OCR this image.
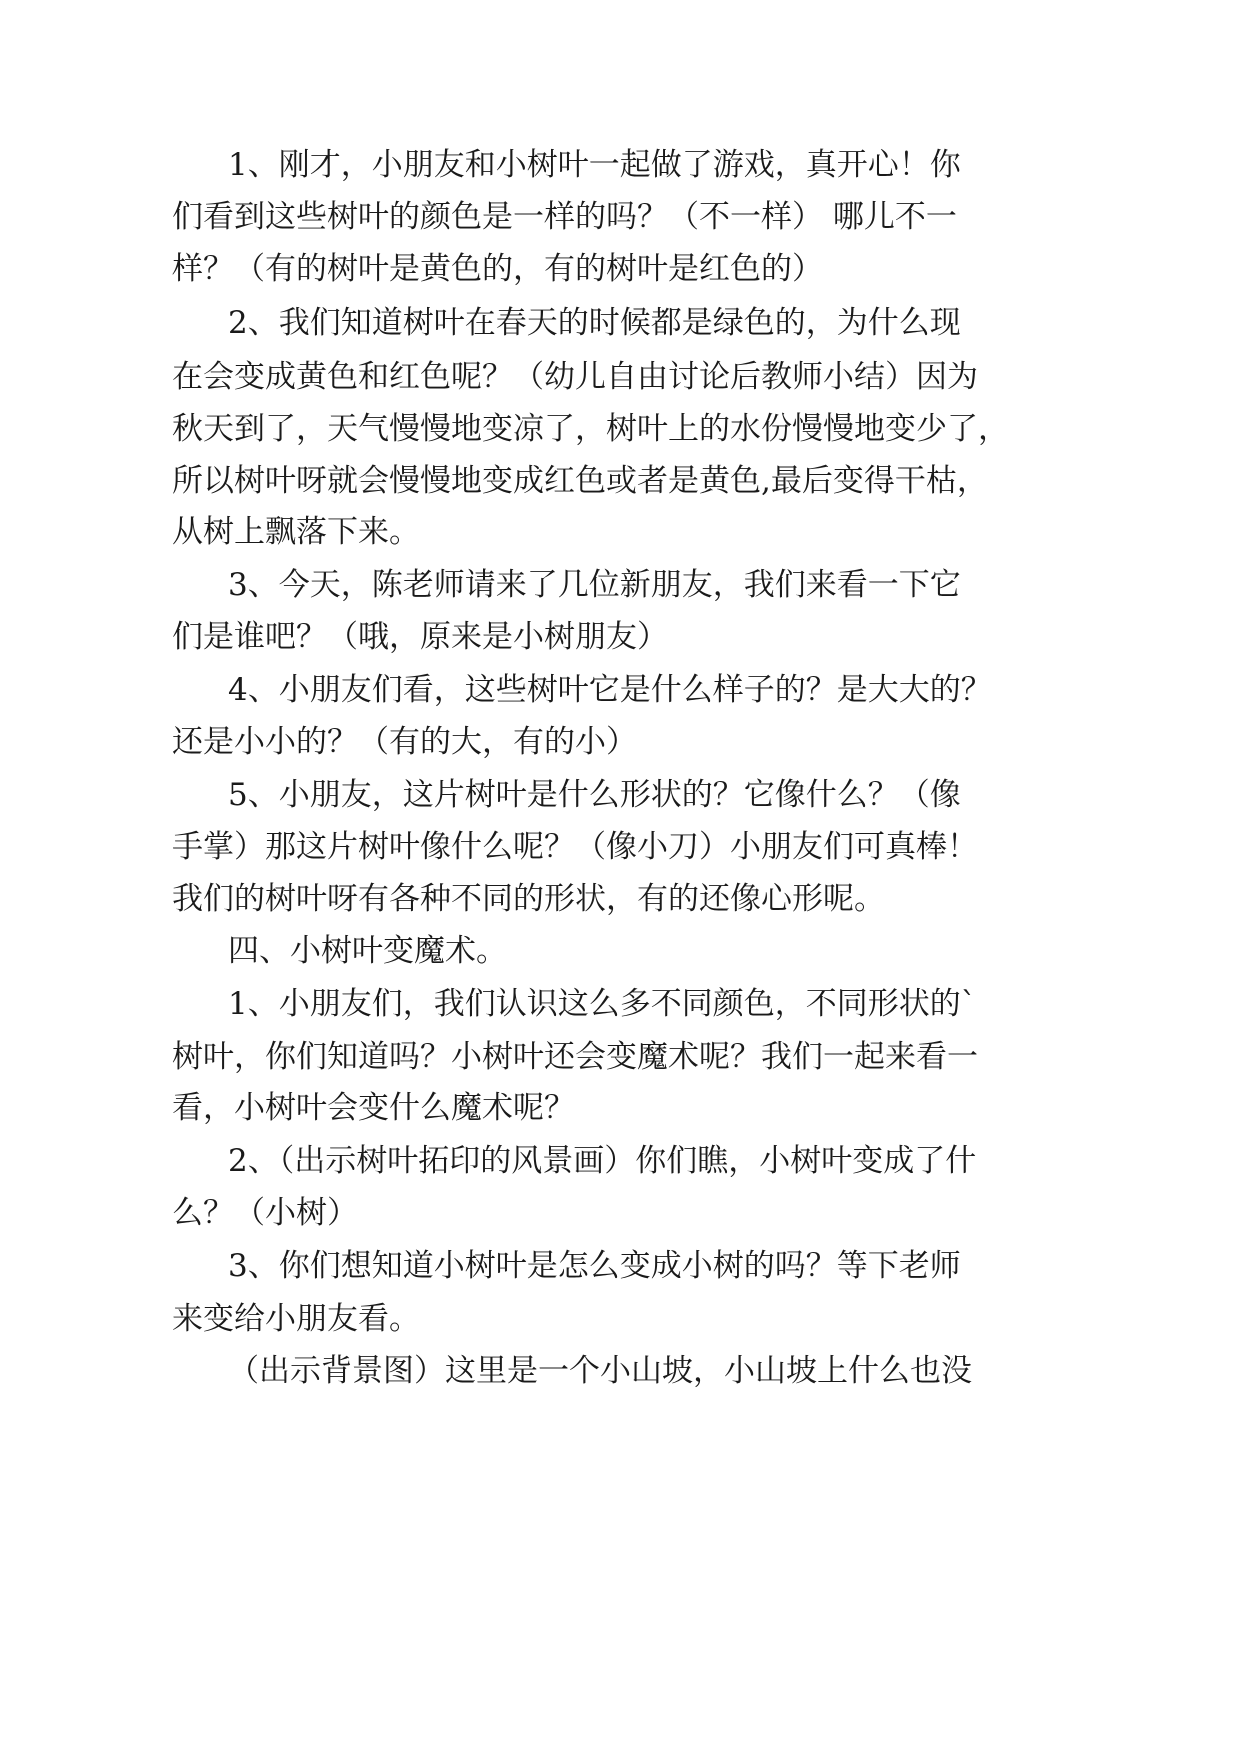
1、刚才，小朋友和小树叶一起做了游戏，真开心！你
们看到这些树叶的颜色是一样的吗？（不一样） 哪儿不一
样？（有的树叶是黄色的，有的树叶是红色的）
2、我们知道树叶在春天的时候都是绿色的，为什么现
在会变成黄色和红色呢？（幼儿自由讨论后教师小结）因为
秋天到了，天气慢慢地变凉了，树叶上的水份慢慢地变少了，
所以树叶呀就会慢慢地变成红色或者是黄色,最后变得干枯，
从树上飘落下来。
3、今天，陈老师请来了几位新朋友，我们来看一下它
们是谁吧？（哦，原来是小树朋友）
4、小朋友们看，这些树叶它是什么样子的？是大大的？
还是小小的？（有的大，有的小）
5、小朋友，这片树叶是什么形状的？它像什么？（像
手掌）那这片树叶像什么呢？（像小刀）小朋友们可真棒！
我们的树叶呀有各种不同的形状，有的还像心形呢。
四、小树叶变魔术。
1、小朋友们，我们认识这么多不同颜色，不同形状的`
树叶，你们知道吗？小树叶还会变魔术呢？我们一起来看一
看，小树叶会变什么魔术呢？
2、（出示树叶拓印的风景画）你们瞧，小树叶变成了什
么？（小树）
3、你们想知道小树叶是怎么变成小树的吗？等下老师
来变给小朋友看。
（出示背景图）这里是一个小山坡，小山坡上什么也没
